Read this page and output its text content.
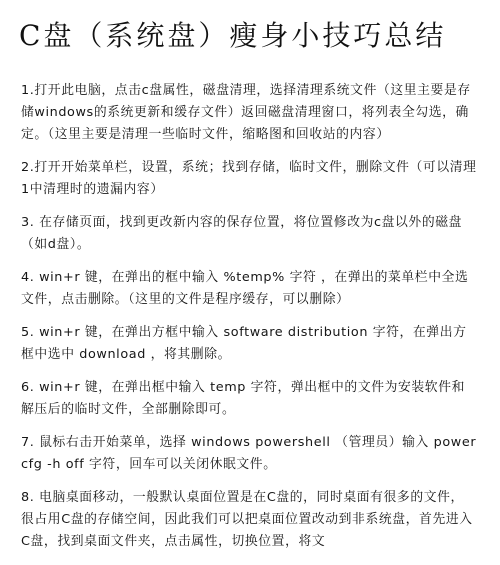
C盘（系统盘）瘦身小技巧总结
1.打开此电脑，点击c盘属性，磁盘清理，选择清理系统文件（这里主要是存储windows的系统更新和缓存文件）返回磁盘清理窗口，将列表全勾选，确定。（这里主要是清理一些临时文件，缩略图和回收站的内容）
2.打开开始菜单栏，设置，系统；找到存储，临时文件，删除文件（可以清理1中清理时的遗漏内容）
3. 在存储页面，找到更改新内容的保存位置，将位置修改为c盘以外的磁盘（如d盘）。
4. win+r 键，在弹出的框中输入 %temp% 字符 ，在弹出的菜单栏中全选文件，点击删除。（这里的文件是程序缓存，可以删除）
5. win+r 键，在弹出方框中输入 software distribution 字符，在弹出方框中选中 download ，将其删除。
6. win+r 键，在弹出框中输入 temp 字符，弹出框中的文件为安装软件和解压后的临时文件，全部删除即可。
7. 鼠标右击开始菜单，选择 windows powershell （管理员）输入 powercfg -h off 字符，回车可以关闭休眠文件。
8. 电脑桌面移动，一般默认桌面位置是在C盘的，同时桌面有很多的文件，很占用C盘的存储空间，因此我们可以把桌面位置改动到非系统盘，首先进入C盘，找到桌面文件夹，点击属性，切换位置，将文
